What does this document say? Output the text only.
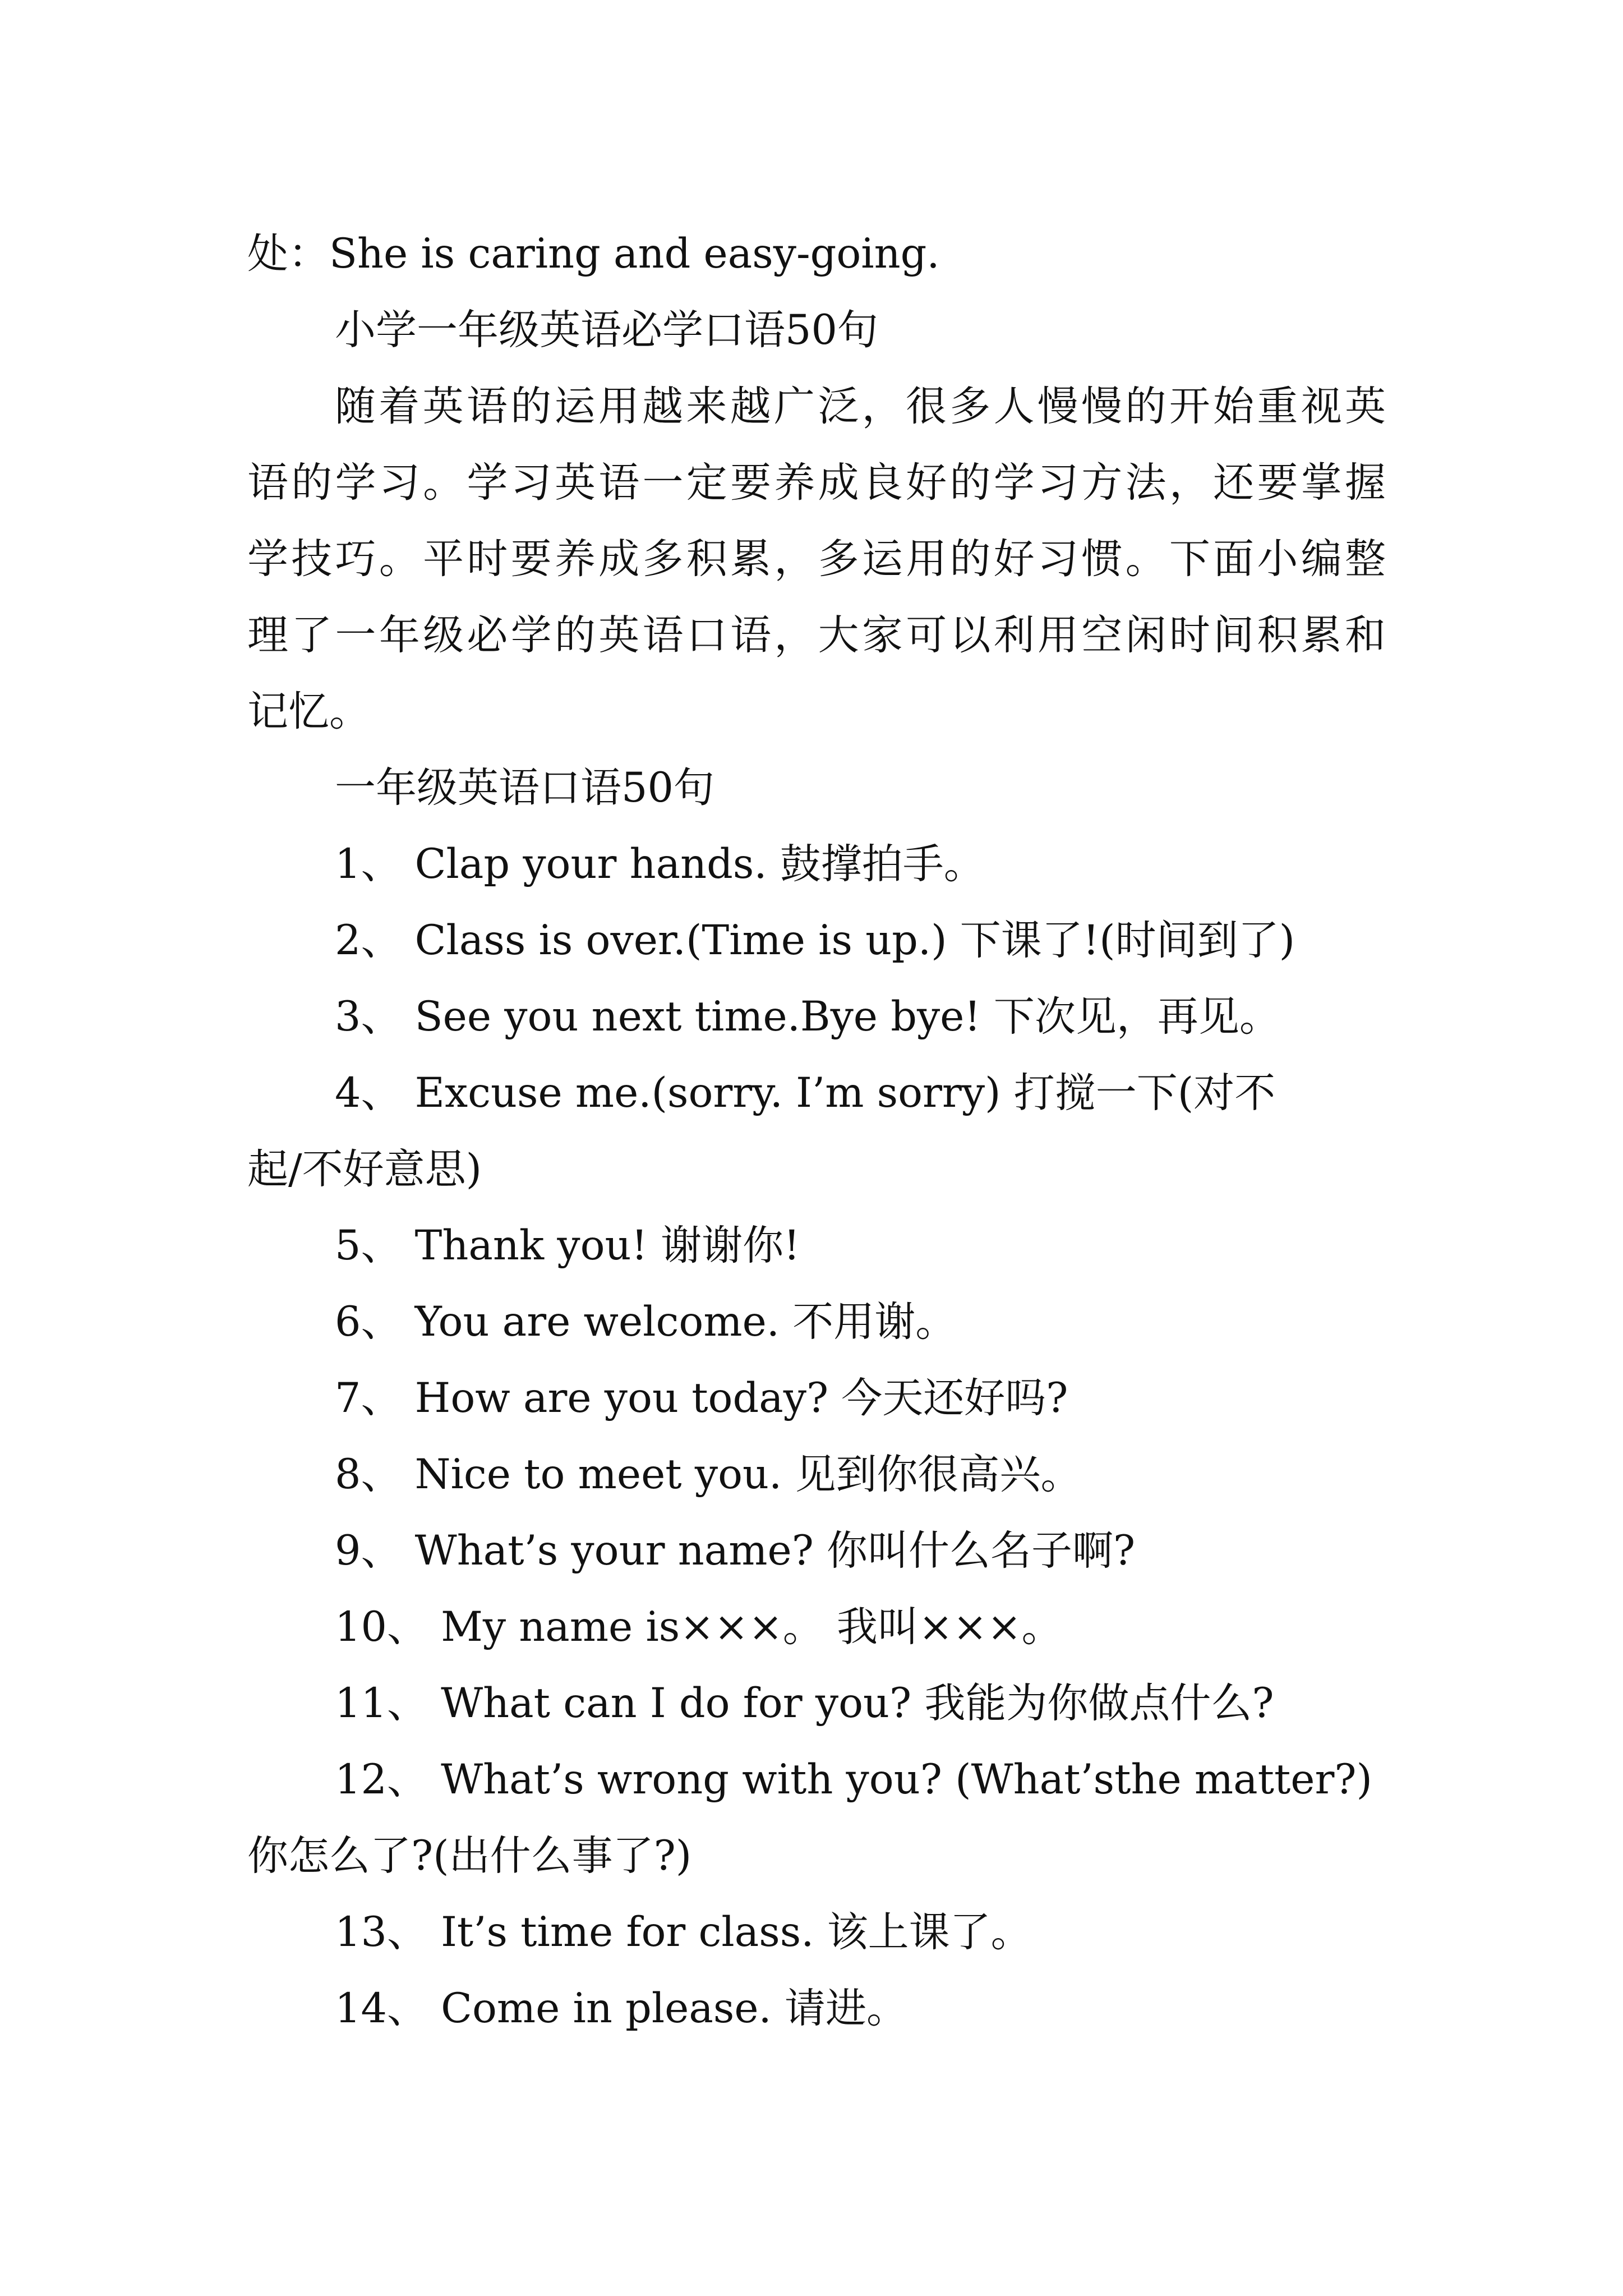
处：She is caring and easy-going.

小学一年级英语必学口语50句

随着英语的运用越来越广泛，很多人慢慢的开始重视英

语的学习。学习英语一定要养成良好的学习方法，还要掌握

学技巧。平时要养成多积累，多运用的好习惯。下面小编整

理了一年级必学的英语口语，大家可以利用空闲时间积累和

记忆。

一年级英语口语50句

1、 Clap your hands. 鼓撑拍手。

2、 Class is over.(Time is up.) 下课了!(时间到了)

3、 See you next time.Bye bye! 下次见，再见。

4、 Excuse me.(sorry. I’m sorry) 打搅一下(对不

起/不好意思)

5、 Thank you! 谢谢你!

6、 You are welcome. 不用谢。

7、 How are you today? 今天还好吗?

8、 Nice to meet you. 见到你很高兴。

9、 What’s your name? 你叫什么名子啊?

10、 My name is×××。 我叫×××。

11、 What can I do for you? 我能为你做点什么?

12、 What’s wrong with you? (What’sthe matter?)

你怎么了?(出什么事了?)

13、 It’s time for class. 该上课了。

14、 Come in please. 请进。
